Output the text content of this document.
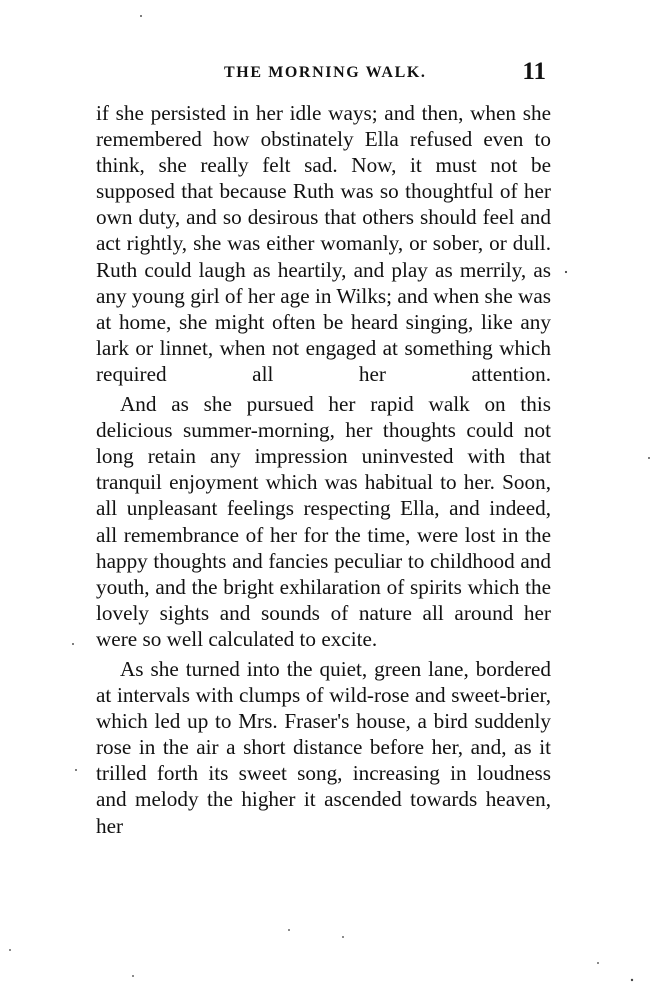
THE MORNING WALK.	11

if she persisted in her idle ways; and then, when she remembered how obstinately Ella refused even to think, she really felt sad. Now, it must not be supposed that because Ruth was so thoughtful of her own duty, and so desirous that others should feel and act rightly, she was either womanly, or sober, or dull. Ruth could laugh as heartily, and play as merrily, as any young girl of her age in Wilks; and when she was at home, she might often be heard singing, like any lark or linnet, when not engaged at something which required all her attention.

And as she pursued her rapid walk on this delicious summer-morning, her thoughts could not long retain any impression uninvested with that tranquil enjoyment which was habitual to her. Soon, all unpleasant feelings respecting Ella, and indeed, all remembrance of her for the time, were lost in the happy thoughts and fancies peculiar to childhood and youth, and the bright exhilaration of spirits which the lovely sights and sounds of nature all around her were so well calculated to excite.

As she turned into the quiet, green lane, bordered at intervals with clumps of wild-rose and sweet-brier, which led up to Mrs. Fraser's house, a bird suddenly rose in the air a short distance before her, and, as it trilled forth its sweet song, increasing in loudness and melody the higher it ascended towards heaven, her
